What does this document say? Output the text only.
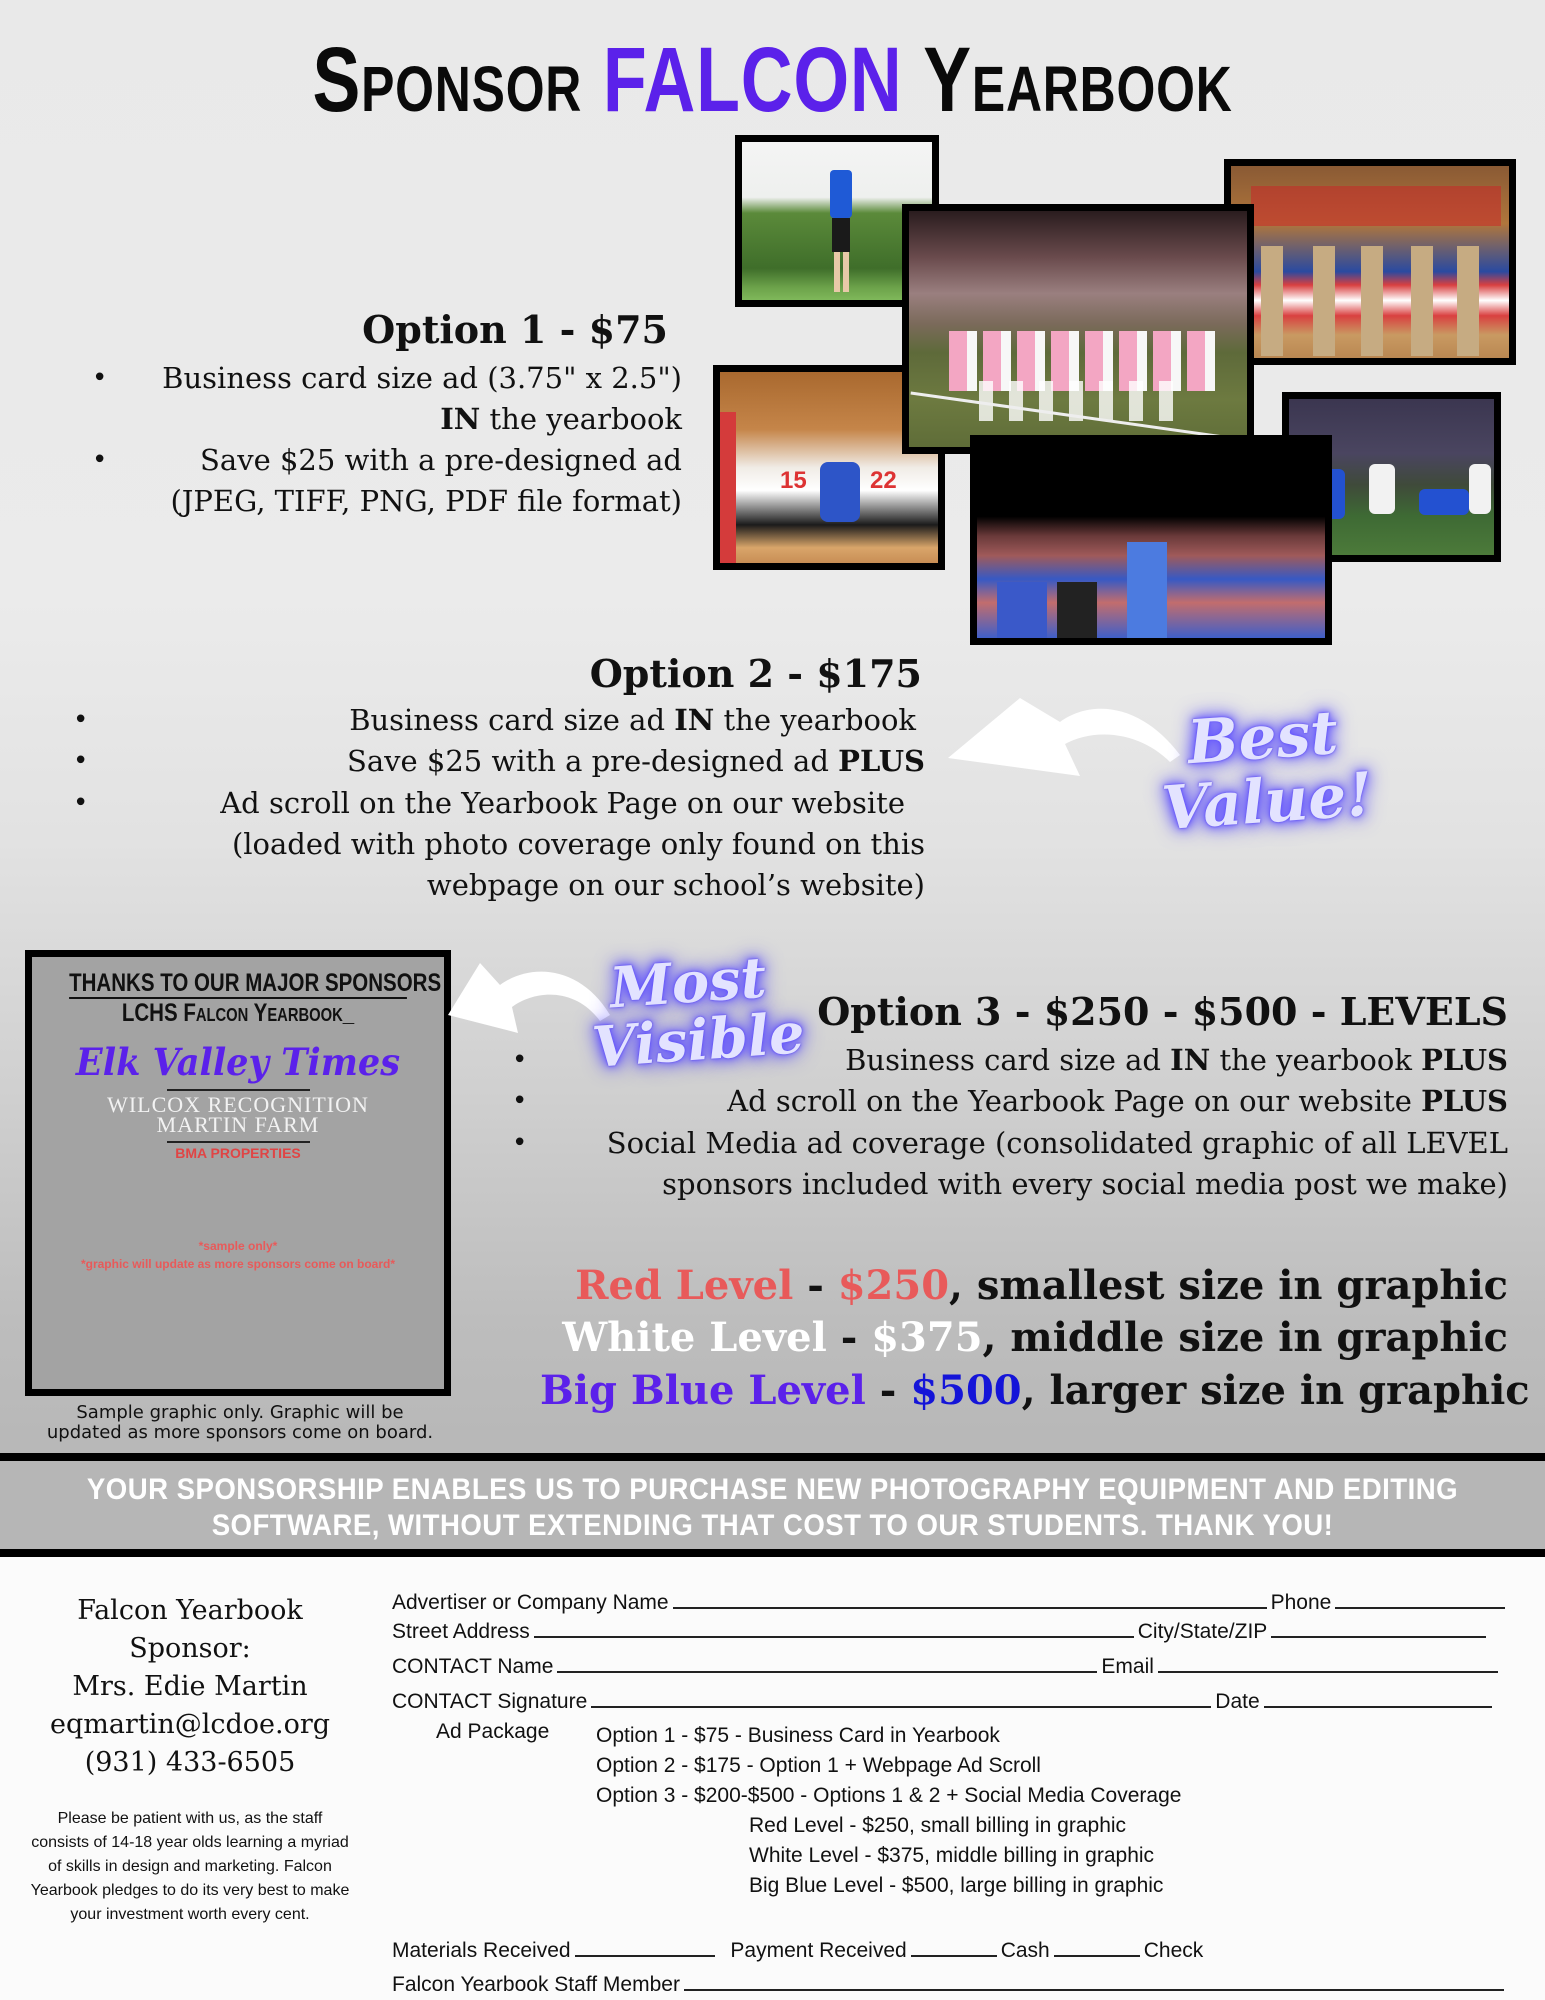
Sponsor FALCON Yearbook
15	22
Option 1 - $75
•	Business card size ad (3.75" x 2.5")
IN the yearbook
•	Save $25 with a pre-designed ad
(JPEG, TIFF, PNG, PDF file format)
Option 2 - $175
•	Business card size ad IN the yearbook
•	Save $25 with a pre-designed ad PLUS
•	Ad scroll on the Yearbook Page on our website
(loaded with photo coverage only found on this
webpage on our school’s website)
Best
Value!
THANKS TO OUR MAJOR SPONSORS
LCHS Falcon Yearbook_
Elk Valley Times
WILCOX RECOGNITION
MARTIN FARM
BMA PROPERTIES
*sample only*
*graphic will update as more sponsors come on board*
Sample graphic only. Graphic will be
updated as more sponsors come on board.
Most
Visible Option 3 - $250 - $500 - LEVELS
•	Business card size ad IN the yearbook PLUS
•	Ad scroll on the Yearbook Page on our website PLUS
•	Social Media ad coverage (consolidated graphic of all LEVEL
sponsors included with every social media post we make)
Red Level - $250, smallest size in graphic
White Level - $375, middle size in graphic
Big Blue Level - $500, larger size in graphic
YOUR SPONSORSHIP ENABLES US TO PURCHASE NEW PHOTOGRAPHY EQUIPMENT AND EDITING
SOFTWARE, WITHOUT EXTENDING THAT COST TO OUR STUDENTS. THANK YOU!
Falcon Yearbook
Sponsor:
Mrs. Edie Martin
eqmartin@lcdoe.org
(931) 433-6505
Please be patient with us, as the staff consists of 14-18 year olds learning a myriad of skills in design and marketing. Falcon Yearbook pledges to do its very best to make your investment worth every cent.
Advertiser or Company Name	Phone
Street Address	City/State/ZIP
CONTACT Name	Email
CONTACT Signature	Date
Ad Package Option 1 - $75 - Business Card in Yearbook
Option 2 - $175 - Option 1 + Webpage Ad Scroll
Option 3 - $200-$500 - Options 1 & 2 + Social Media Coverage
Red Level - $250, small billing in graphic
White Level - $375, middle billing in graphic
Big Blue Level - $500, large billing in graphic
Materials Received	Payment Received	Cash	Check
Falcon Yearbook Staff Member
